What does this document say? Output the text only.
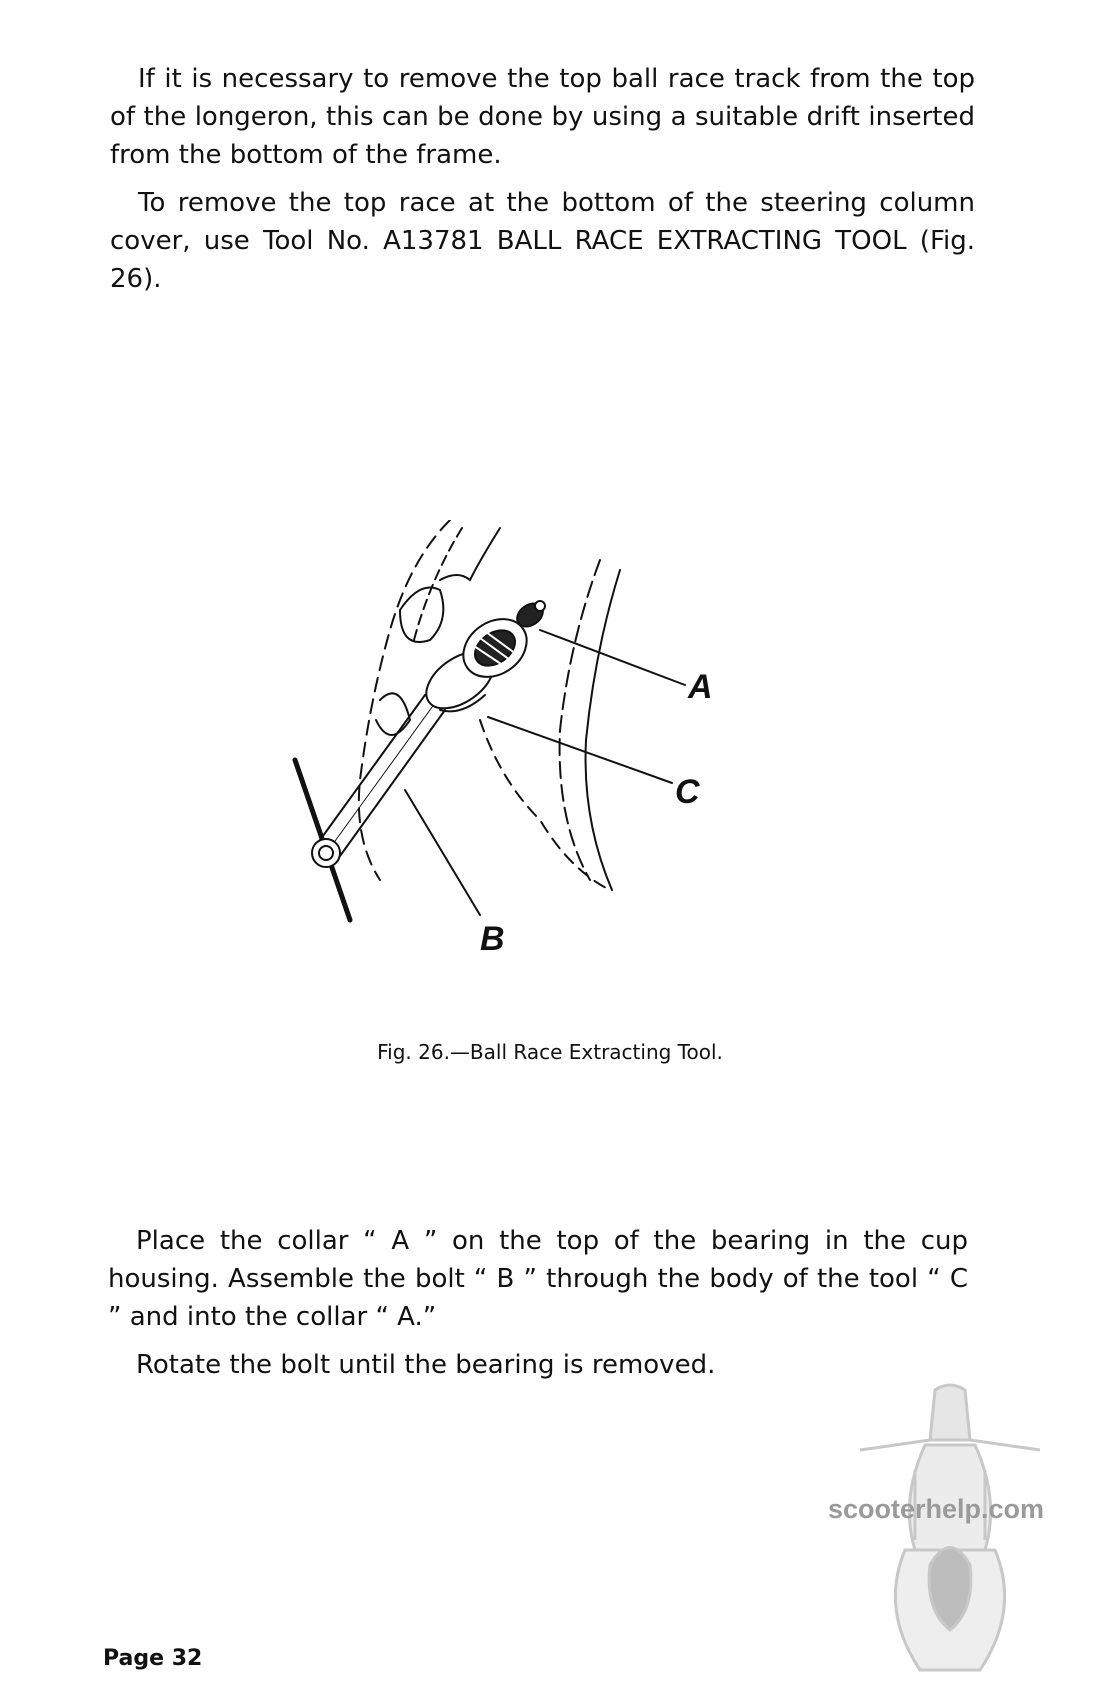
If it is necessary to remove the top ball race track from the top of the longeron, this can be done by using a suitable drift inserted from the bottom of the frame.

To remove the top race at the bottom of the steering column cover, use Tool No. A13781 BALL RACE EXTRACTING TOOL (Fig. 26).

A
C
B
Fig. 26.—Ball Race Extracting Tool.

Place the collar “ A ” on the top of the bearing in the cup housing. Assemble the bolt “ B ” through the body of the tool “ C ” and into the collar “ A.”

Rotate the bolt until the bearing is removed.

scooterhelp.com
Page 32
